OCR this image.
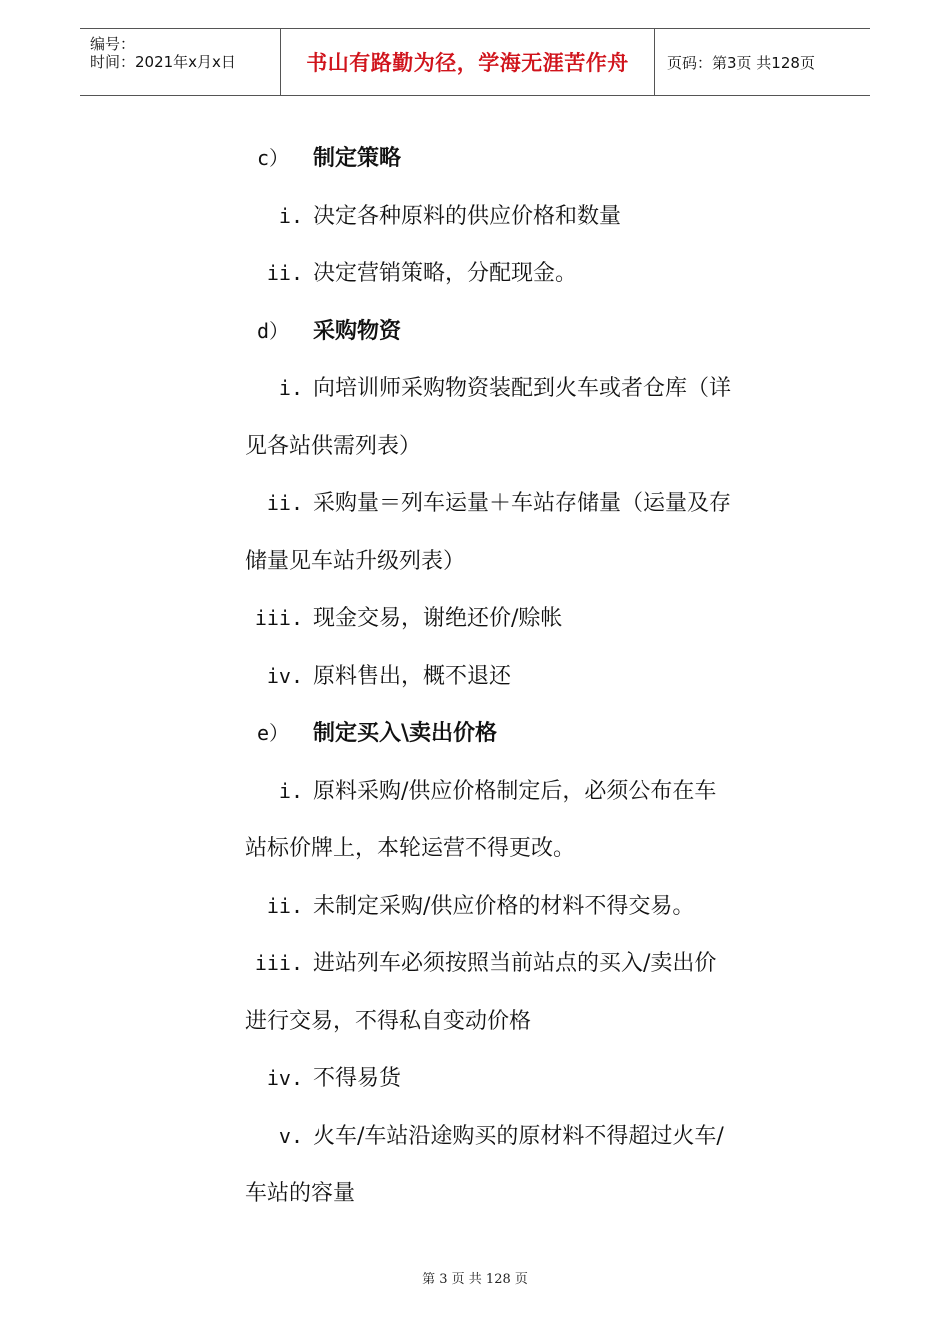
编号：
时间：2021年x月x日	书山有路勤为径，学海无涯苦作舟	页码：第3页 共128页
c） 制定策略
i. 决定各种原料的供应价格和数量
ii. 决定营销策略，分配现金。
d） 采购物资
i. 向培训师采购物资装配到火车或者仓库（详
见各站供需列表）
ii. 采购量＝列车运量＋车站存储量（运量及存
储量见车站升级列表）
iii. 现金交易，谢绝还价/赊帐
iv. 原料售出，概不退还
e） 制定买入\卖出价格
i. 原料采购/供应价格制定后，必须公布在车
站标价牌上，本轮运营不得更改。
ii. 未制定采购/供应价格的材料不得交易。
iii. 进站列车必须按照当前站点的买入/卖出价
进行交易，不得私自变动价格
iv. 不得易货
v. 火车/车站沿途购买的原材料不得超过火车/
车站的容量
第 3 页 共 128 页
